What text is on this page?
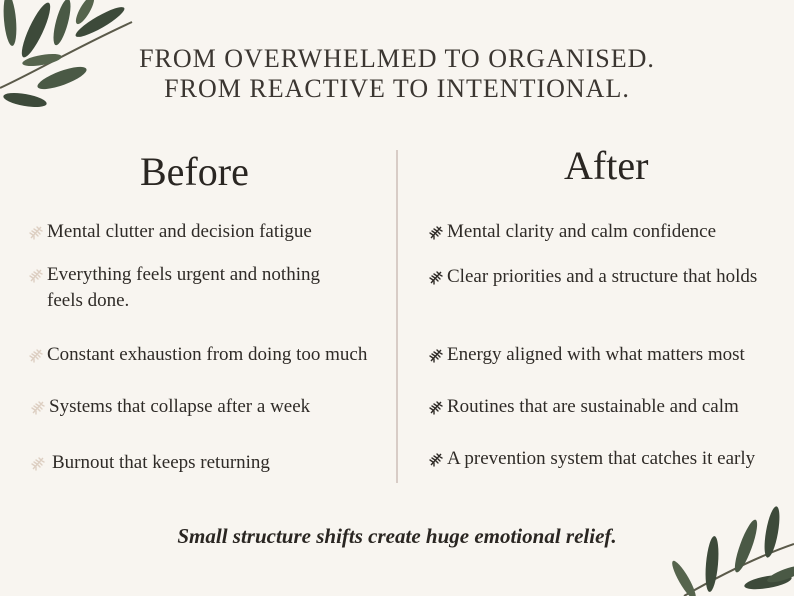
FROM OVERWHELMED TO ORGANISED.
FROM REACTIVE TO INTENTIONAL.
Before	After
Mental clutter and decision fatigue
Everything feels urgent and nothing
feels done.
Constant exhaustion from doing too much
Systems that collapse after a week
Burnout that keeps returning
Mental clarity and calm confidence
Clear priorities and a structure that holds
Energy aligned with what matters most
Routines that are sustainable and calm
A prevention system that catches it early
Small structure shifts create huge emotional relief.
